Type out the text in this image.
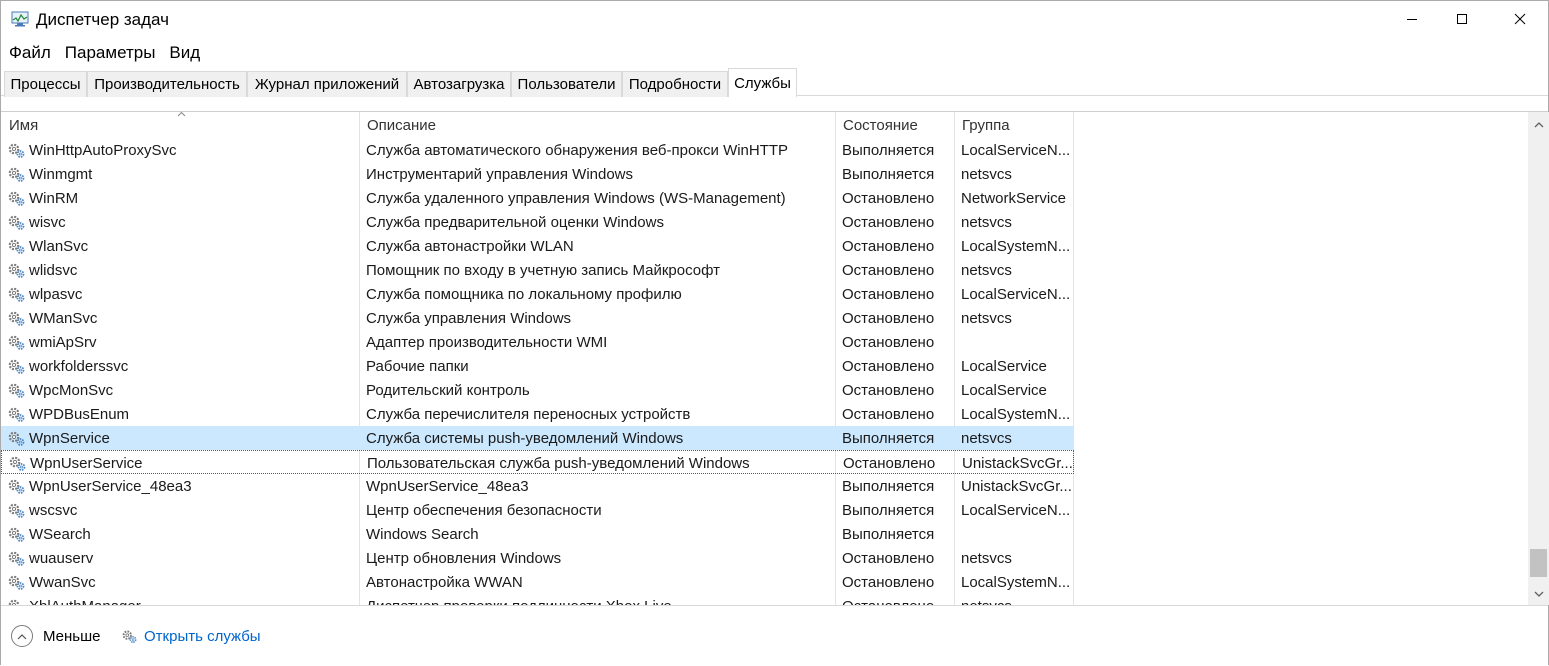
Диспетчер задач
Файл Параметры Вид
Процессы Производительность	Журнал приложений Автозагрузка Пользователи Подробности Службы
Имя	Описание	Состояние	Группа
WinHttpAutoProxySvc	Служба автоматического обнаружения веб-прокси WinHTTP	Выполняется	LocalServiceN...
Winmgmt	Инструментарий управления Windows	Выполняется	netsvcs
WinRM	Служба удаленного управления Windows (WS-Management)	Остановлено	NetworkService
wisvc	Служба предварительной оценки Windows	Остановлено	netsvcs
WlanSvc	Служба автонастройки WLAN	Остановлено	LocalSystemN...
wlidsvc	Помощник по входу в учетную запись Майкрософт	Остановлено	netsvcs
wlpasvc	Служба помощника по локальному профилю	Остановлено	LocalServiceN...
WManSvc	Служба управления Windows	Остановлено	netsvcs
wmiApSrv	Адаптер производительности WMI	Остановлено
workfolderssvc	Рабочие папки	Остановлено	LocalService
WpcMonSvc	Родительский контроль	Остановлено	LocalService
WPDBusEnum	Служба перечислителя переносных устройств	Остановлено	LocalSystemN...
WpnService	Служба системы push-уведомлений Windows	Выполняется	netsvcs
WpnUserService	Пользовательская служба push-уведомлений Windows	Остановлено	UnistackSvcGr...
WpnUserService_48ea3	WpnUserService_48ea3	Выполняется	UnistackSvcGr...
wscsvc	Центр обеспечения безопасности	Выполняется	LocalServiceN...
WSearch	Windows Search	Выполняется
wuauserv	Центр обновления Windows	Остановлено	netsvcs
WwanSvc	Автонастройка WWAN	Остановлено	LocalSystemN...
Меньше	Открыть службы
